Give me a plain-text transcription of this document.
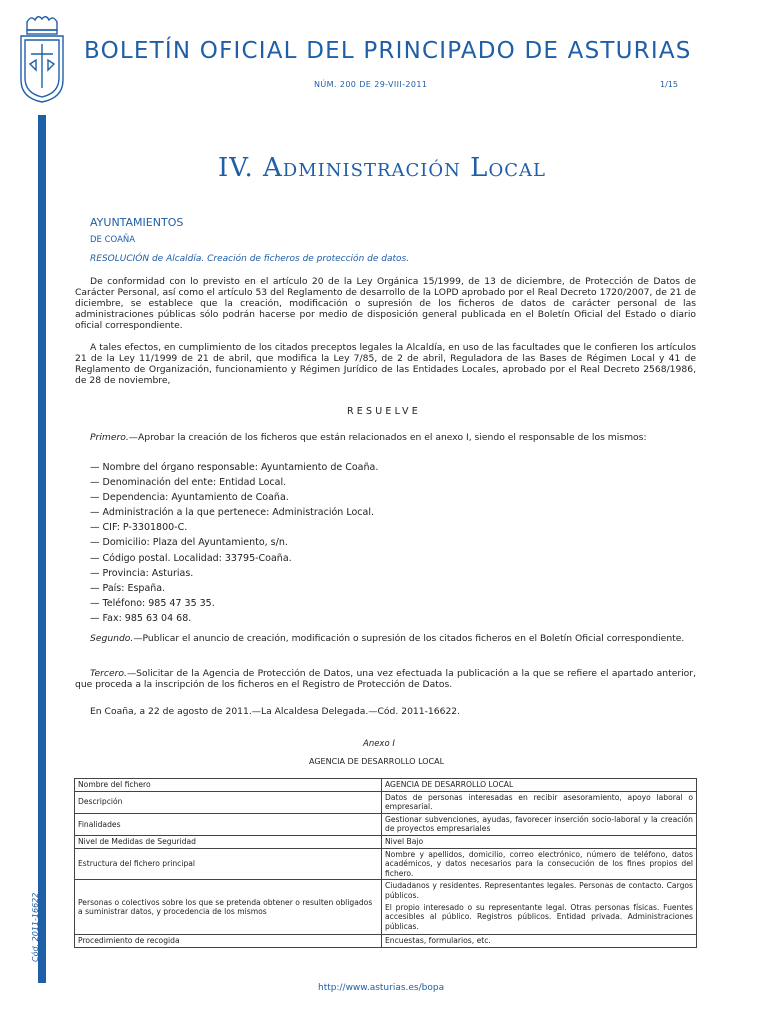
Cód. 2011-16622
BOLETÍN OFICIAL DEL PRINCIPADO DE ASTURIAS
NÚM. 200 DE 29-VIII-2011	1/15
IV. Administración Local
AYUNTAMIENTOS
DE COAÑA
RESOLUCIÓN de Alcaldía. Creación de ficheros de protección de datos.

De conformidad con lo previsto en el artículo 20 de la Ley Orgánica 15/1999, de 13 de diciembre, de Protección de Datos de Carácter Personal, así como el artículo 53 del Reglamento de desarrollo de la LOPD aprobado por el Real Decreto 1720/2007, de 21 de diciembre, se establece que la creación, modificación o supresión de los ficheros de datos de carácter personal de las administraciones públicas sólo podrán hacerse por medio de disposición general publicada en el Boletín Oficial del Estado o diario oficial correspondiente.

A tales efectos, en cumplimiento de los citados preceptos legales la Alcaldía, en uso de las facultades que le confieren los artículos 21 de la Ley 11/1999 de 21 de abril, que modifica la Ley 7/85, de 2 de abril, Reguladora de las Bases de Régimen Local y 41 de Reglamento de Organización, funcionamiento y Régimen Jurídico de las Entidades Locales, aprobado por el Real Decreto 2568/1986, de 28 de noviembre,

RESUELVE

Primero.—Aprobar la creación de los ficheros que están relacionados en el anexo I, siendo el responsable de los mismos:

— Nombre del órgano responsable: Ayuntamiento de Coaña.
— Denominación del ente: Entidad Local.
— Dependencia: Ayuntamiento de Coaña.
— Administración a la que pertenece: Administración Local.
— CIF: P-3301800-C.
— Domicilio: Plaza del Ayuntamiento, s/n.
— Código postal. Localidad: 33795-Coaña.
— Provincia: Asturias.
— País: España.
— Teléfono: 985 47 35 35.
— Fax: 985 63 04 68.

Segundo.—Publicar el anuncio de creación, modificación o supresión de los citados ficheros en el Boletín Oficial correspondiente.

Tercero.—Solicitar de la Agencia de Protección de Datos, una vez efectuada la publicación a la que se refiere el apartado anterior, que proceda a la inscripción de los ficheros en el Registro de Protección de Datos.

En Coaña, a 22 de agosto de 2011.—La Alcaldesa Delegada.—Cód. 2011-16622.

Anexo I
AGENCIA DE DESARROLLO LOCAL
Nombre del fichero	AGENCIA DE DESARROLLO LOCAL
Descripción	Datos de personas interesadas en recibir asesoramiento, apoyo laboral o empresarial.
Finalidades	Gestionar subvenciones, ayudas, favorecer inserción socio-laboral y la creación de proyectos empresariales
Nivel de Medidas de Seguridad	Nivel Bajo
Estructura del fichero principal	Nombre y apellidos, domicilio, correo electrónico, número de teléfono, datos académicos, y datos necesarios para la consecución de los fines propios del fichero.
Personas o colectivos sobre los que se pretenda obtener o resulten obligados a suministrar datos, y procedencia de los mismos	Ciudadanos y residentes. Representantes legales. Personas de contacto. Cargos públicos.

El propio interesado o su representante legal. Otras personas físicas. Fuentes accesibles al público. Registros públicos. Entidad privada. Administraciones públicas.

Procedimiento de recogida	Encuestas, formularios, etc.
http://www.asturias.es/bopa
